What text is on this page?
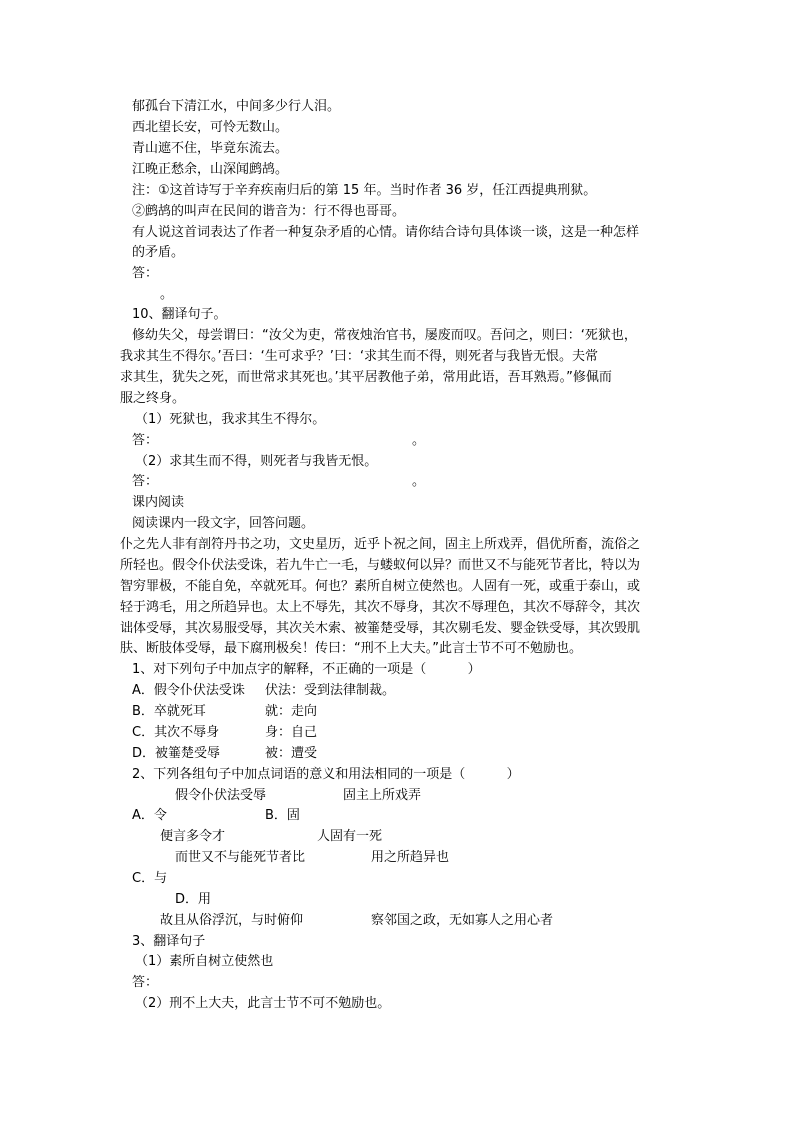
郁孤台下清江水，中间多少行人泪。
西北望长安，可怜无数山。
青山遮不住，毕竟东流去。
江晚正愁余，山深闻鹧鸪。
注：①这首诗写于辛弃疾南归后的第 15 年。当时作者 36 岁，任江西提典刑狱。
②鹧鸪的叫声在民间的谐音为：行不得也哥哥。
有人说这首词表达了作者一种复杂矛盾的心情。请你结合诗句具体谈一谈，这是一种怎样
的矛盾。
答：
。
10、翻译句子。
修幼失父，母尝谓曰：“汝父为吏，常夜烛治官书，屡废而叹。吾问之，则曰：‘死狱也，
我求其生不得尔。’吾曰：‘生可求乎？’曰：‘求其生而不得，则死者与我皆无恨。夫常
求其生，犹失之死，而世常求其死也。’其平居教他子弟，常用此语，吾耳熟焉。”修佩而
服之终身。
（1）死狱也，我求其生不得尔。
答：	。
（2）求其生而不得，则死者与我皆无恨。
答：	。
课内阅读
阅读课内一段文字，回答问题。
仆之先人非有剖符丹书之功，文史星历，近乎卜祝之间，固主上所戏弄，倡优所畜，流俗之
所轻也。假令仆伏法受诛，若九牛亡一毛，与蝼蚁何以异？而世又不与能死节者比，特以为
智穷罪极，不能自免，卒就死耳。何也？素所自树立使然也。人固有一死，或重于泰山，或
轻于鸿毛，用之所趋异也。太上不辱先，其次不辱身，其次不辱理色，其次不辱辞令，其次
诎体受辱，其次易服受辱，其次关木索、被箠楚受辱，其次剔毛发、婴金铁受辱，其次毁肌
肤、断肢体受辱，最下腐刑极矣！传曰：“刑不上大夫。”此言士节不可不勉励也。
1、对下列句子中加点字的解释，不正确的一项是（          ）
A．假令仆伏法受诛 伏法：受到法律制裁。
B．卒就死耳	就：走向
C．其次不辱身	身：自己
D．被箠楚受辱	被：遭受
2、下列各组句子中加点词语的意义和用法相同的一项是（          ）
假令仆伏法受辱	固主上所戏弄
A．令	B．固
便言多令才	人固有一死
而世又不与能死节者比	用之所趋异也
C．与
D．用
故且从俗浮沉，与时俯仰	察邻国之政，无如寡人之用心者
3、翻译句子
（1）素所自树立使然也
答：
（2）刑不上大夫，此言士节不可不勉励也。
